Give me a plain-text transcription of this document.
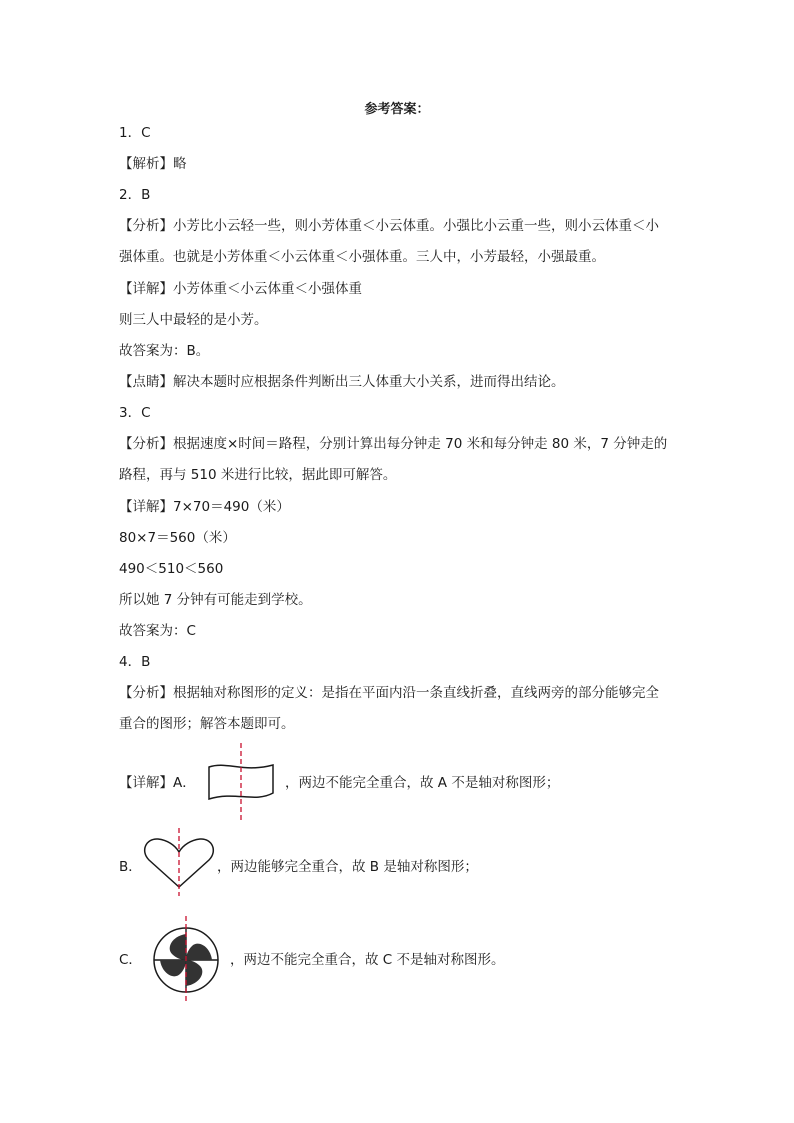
参考答案：
1．C
【解析】略
2．B
【分析】小芳比小云轻一些，则小芳体重＜小云体重。小强比小云重一些，则小云体重＜小
强体重。也就是小芳体重＜小云体重＜小强体重。三人中，小芳最轻，小强最重。
【详解】小芳体重＜小云体重＜小强体重
则三人中最轻的是小芳。
故答案为：B。
【点睛】解决本题时应根据条件判断出三人体重大小关系，进而得出结论。
3．C
【分析】根据速度×时间＝路程，分别计算出每分钟走 70 米和每分钟走 80 米，7 分钟走的
路程，再与 510 米进行比较，据此即可解答。
【详解】7×70＝490（米）
80×7＝560（米）
490＜510＜560
所以她 7 分钟有可能走到学校。
故答案为：C
4．B
【分析】根据轴对称图形的定义：是指在平面内沿一条直线折叠，直线两旁的部分能够完全
重合的图形；解答本题即可。
【详解】A．	，两边不能完全重合，故 A 不是轴对称图形；
B．	，两边能够完全重合，故 B 是轴对称图形；
C．	，两边不能完全重合，故 C 不是轴对称图形。
